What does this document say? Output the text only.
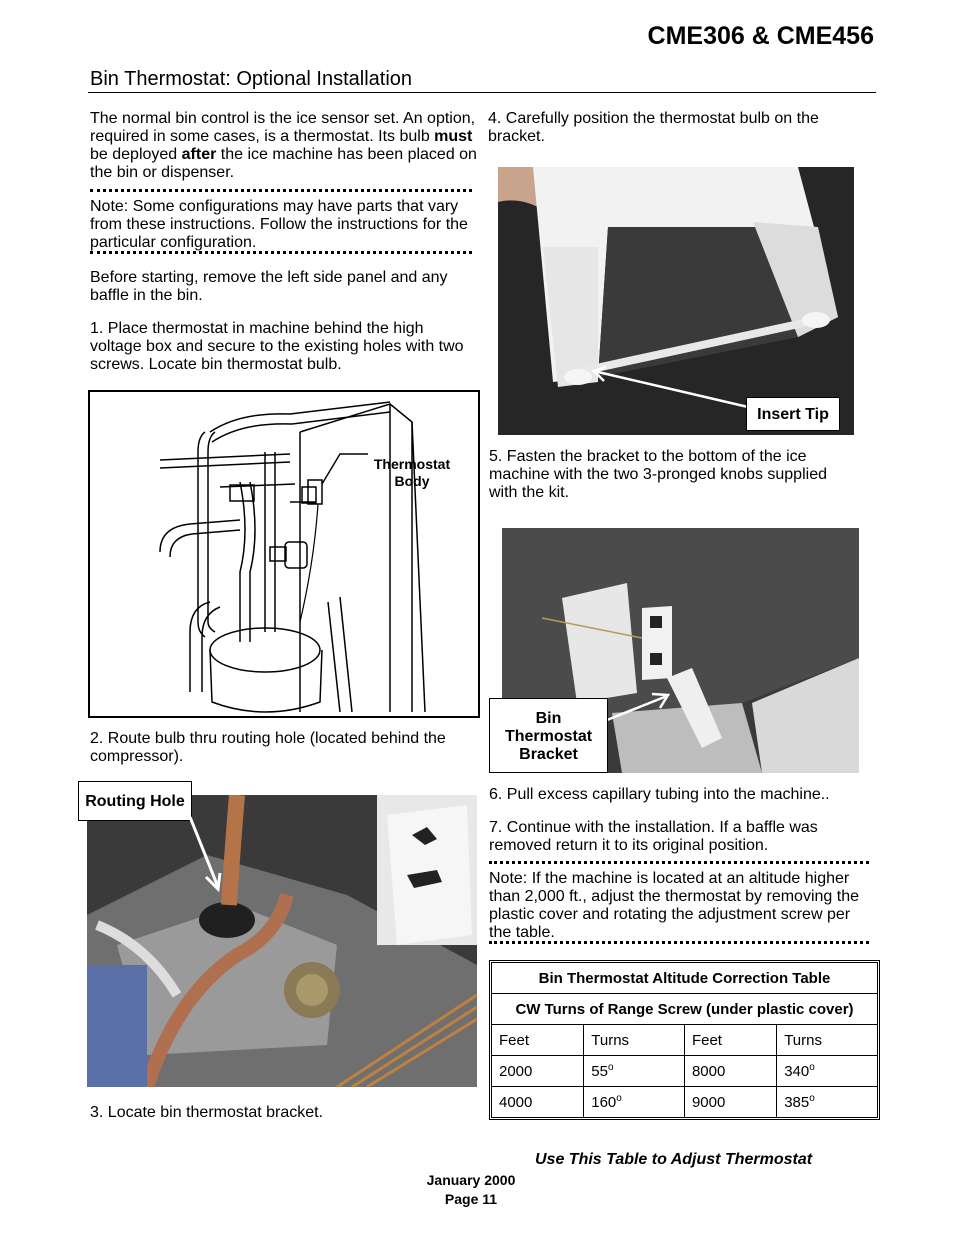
CME306 & CME456
Bin Thermostat: Optional Installation
The normal bin control is the ice sensor set. An option, required in some cases, is a thermostat. Its bulb must be deployed after the ice machine has been placed on the bin or dispenser.
Note: Some configurations may have parts that vary from these instructions. Follow the instructions for the particular configuration.
Before starting, remove the left side panel and any baffle in the bin.
1. Place thermostat in machine behind the high voltage box and secure to the existing holes with two screws. Locate bin thermostat bulb.
Thermostat
Body
2. Route bulb thru routing hole (located behind the compressor).
Routing Hole
3. Locate bin thermostat bracket.
4. Carefully position the thermostat bulb on the bracket.
Insert Tip
5. Fasten the bracket to the bottom of the ice machine with the two 3-pronged knobs supplied with the kit.
Bin
Thermostat
Bracket
6. Pull excess capillary tubing into the machine..
7. Continue with the installation. If a baffle was removed return it to its original position.
Note: If the machine is located at an altitude higher than 2,000 ft., adjust the thermostat by removing the plastic cover and rotating the adjustment screw per the table.
Bin Thermostat Altitude Correction Table			
CW Turns of Range Screw (under plastic cover)			
Feet	Turns	Feet	Turns
2000	55$^o$	8000	340$^o$
4000	160$^o$	9000	385$^o$
Use This Table to Adjust Thermostat
January 2000
Page 11
